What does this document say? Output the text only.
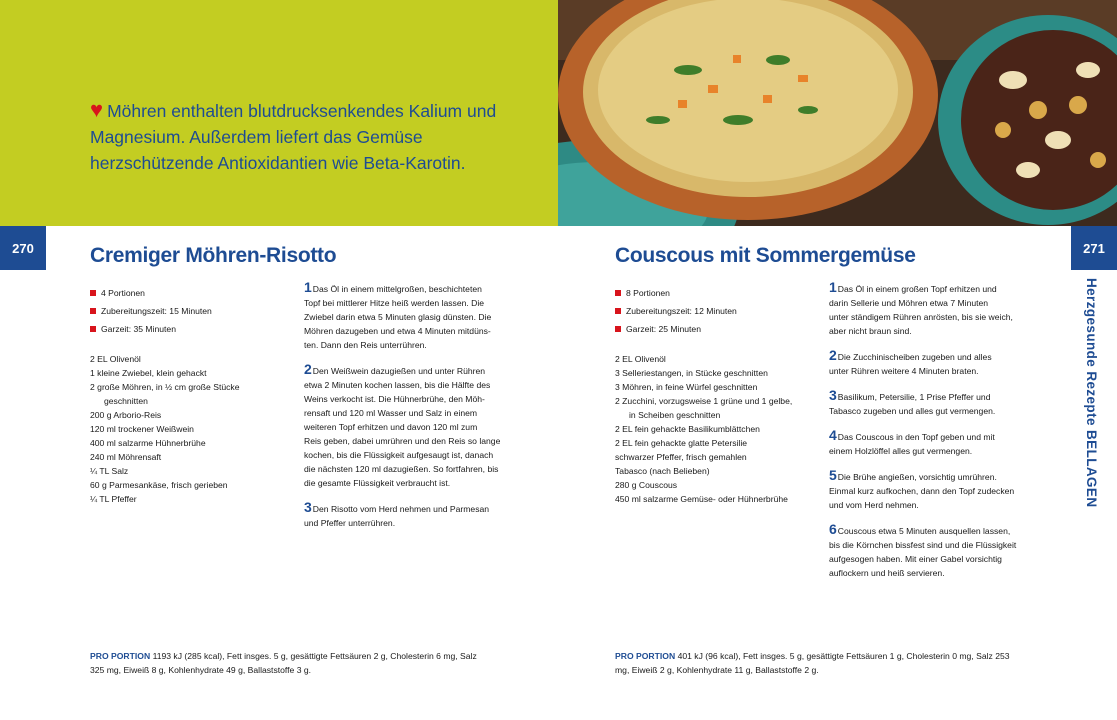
♥ Möhren enthalten blutdrucksenkendes Kalium und Magnesium. Außerdem liefert das Gemüse herzschützende Antioxidantien wie Beta-Karotin.
270	271
Herzgesunde Rezepte BELLAGEN
Cremiger Möhren-Risotto
4 Portionen
Zubereitungszeit: 15 Minuten
Garzeit: 35 Minuten
2 EL Olivenöl
1 kleine Zwiebel, klein gehackt
2 große Möhren, in ½ cm große Stücke
geschnitten
200 g Arborio-Reis
120 ml trockener Weißwein
400 ml salzarme Hühnerbrühe
240 ml Möhrensaft
¼ TL Salz
60 g Parmesankäse, frisch gerieben
¼ TL Pfeffer
1Das Öl in einem mittelgroßen, beschichteten
Topf bei mittlerer Hitze heiß werden lassen. Die
Zwiebel darin etwa 5 Minuten glasig dünsten. Die
Möhren dazugeben und etwa 4 Minuten mitdüns-
ten. Dann den Reis unterrühren.
2Den Weißwein dazugießen und unter Rühren
etwa 2 Minuten kochen lassen, bis die Hälfte des
Weins verkocht ist. Die Hühnerbrühe, den Möh-
rensaft und 120 ml Wasser und Salz in einem
weiteren Topf erhitzen und davon 120 ml zum
Reis geben, dabei umrühren und den Reis so lange
kochen, bis die Flüssigkeit aufgesaugt ist, danach
die nächsten 120 ml dazugießen. So fortfahren, bis
die gesamte Flüssigkeit verbraucht ist.
3Den Risotto vom Herd nehmen und Parmesan
und Pfeffer unterrühren.
PRO PORTION 1193 kJ (285 kcal), Fett insges. 5 g, gesättigte Fettsäuren 2 g, Cholesterin 6 mg, Salz 325 mg, Eiweiß 8 g, Kohlenhydrate 49 g, Ballaststoffe 3 g.
Couscous mit Sommergemüse
8 Portionen
Zubereitungszeit: 12 Minuten
Garzeit: 25 Minuten
2 EL Olivenöl
3 Selleriestangen, in Stücke geschnitten
3 Möhren, in feine Würfel geschnitten
2 Zucchini, vorzugsweise 1 grüne und 1 gelbe,
in Scheiben geschnitten
2 EL fein gehackte Basilikumblättchen
2 EL fein gehackte glatte Petersilie
schwarzer Pfeffer, frisch gemahlen
Tabasco (nach Belieben)
280 g Couscous
450 ml salzarme Gemüse- oder Hühnerbrühe
1Das Öl in einem großen Topf erhitzen und
darin Sellerie und Möhren etwa 7 Minuten
unter ständigem Rühren anrösten, bis sie weich,
aber nicht braun sind.
2Die Zucchinischeiben zugeben und alles
unter Rühren weitere 4 Minuten braten.
3Basilikum, Petersilie, 1 Prise Pfeffer und
Tabasco zugeben und alles gut vermengen.
4Das Couscous in den Topf geben und mit
einem Holzlöffel alles gut vermengen.
5Die Brühe angießen, vorsichtig umrühren.
Einmal kurz aufkochen, dann den Topf zudecken
und vom Herd nehmen.
6Couscous etwa 5 Minuten ausquellen lassen,
bis die Körnchen bissfest sind und die Flüssigkeit
aufgesogen haben. Mit einer Gabel vorsichtig
auflockern und heiß servieren.
PRO PORTION 401 kJ (96 kcal), Fett insges. 5 g, gesättigte Fettsäuren 1 g, Cholesterin 0 mg, Salz 253 mg, Eiweiß 2 g, Kohlenhydrate 11 g, Ballaststoffe 2 g.
